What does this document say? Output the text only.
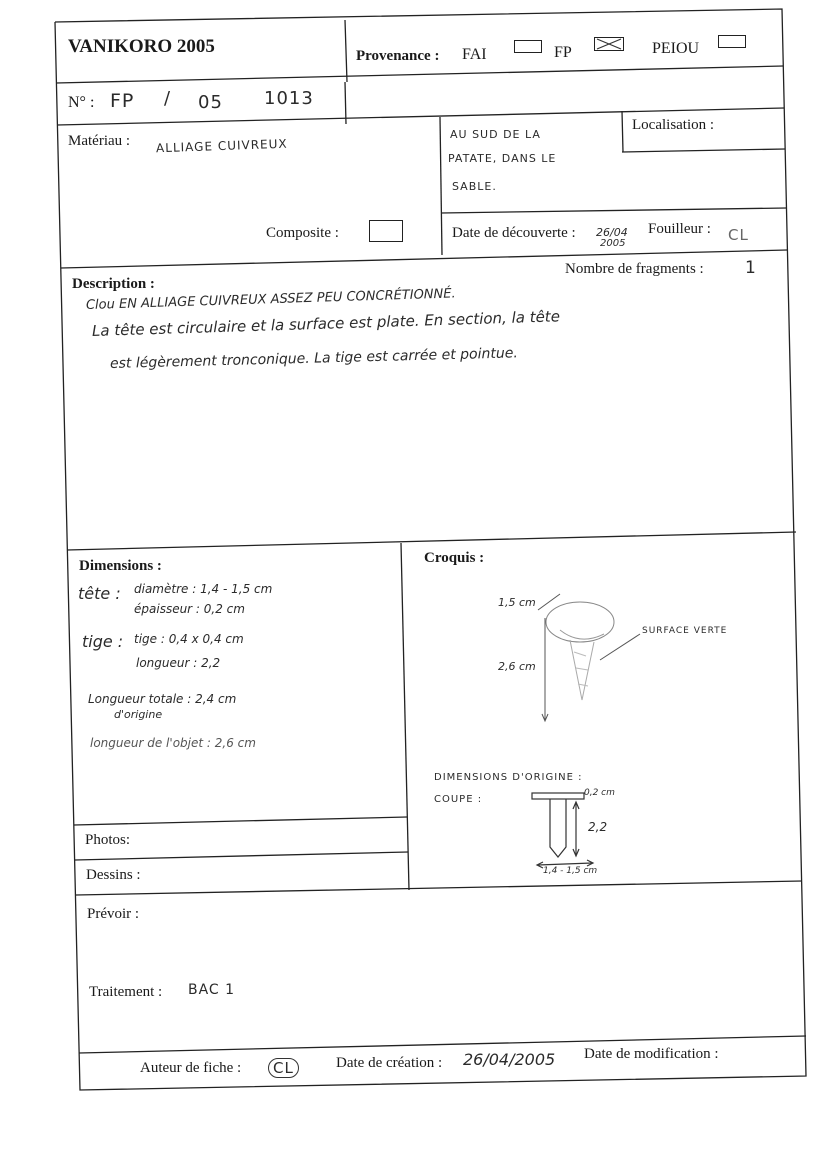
VANIKORO 2005	Provenance : FAI	FP	PEIOU
N° : FP / 05 1013
Matériau : ALLIAGE CUIVREUX
Composite :
Localisation :
AU SUD DE LA
PATATE, DANS LE
SABLE.
Date de découverte : 26/04
2005
Fouilleur : CL
Description :
Nombre de fragments : 1
Clou EN ALLIAGE CUIVREUX ASSEZ PEU CONCRÉTIONNÉ.
La tête est circulaire et la surface est plate. En section, la tête
est légèrement tronconique. La tige est carrée et pointue.
Dimensions :
tête : diamètre : 1,4 - 1,5 cm
épaisseur : 0,2 cm
tige : tige : 0,4 x 0,4 cm
longueur : 2,2
Longueur totale : 2,4 cm
d'origine
longueur de l'objet : 2,6 cm
Croquis :
1,5 cm
2,6 cm
SURFACE VERTE
DIMENSIONS D'ORIGINE :
COUPE :
0,2 cm
2,2
1,4 - 1,5 cm
Photos:
Dessins :
Prévoir :
Traitement : BAC 1
Auteur de fiche :	CL	Date de création : 26/04/2005 Date de modification :
